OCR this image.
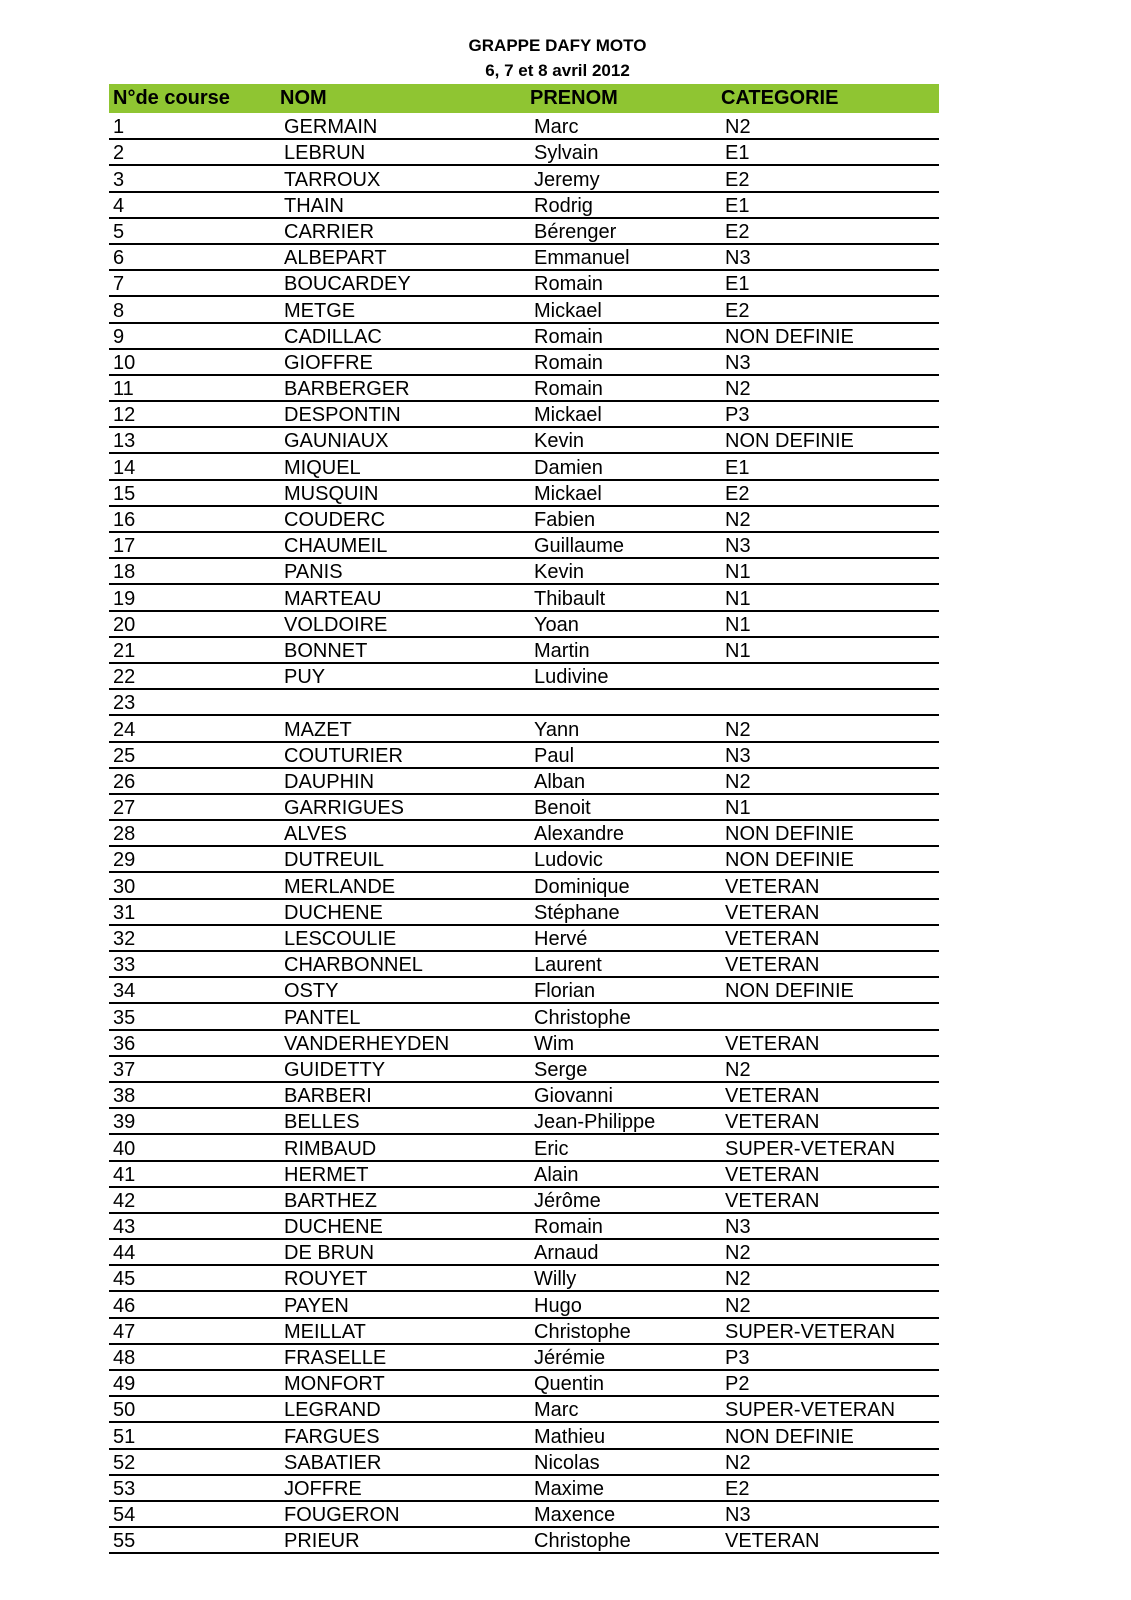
GRAPPE DAFY MOTO
6, 7 et 8 avril 2012
N°de course	NOM	PRENOM	CATEGORIE
1	GERMAIN	Marc	N2
2	LEBRUN	Sylvain	E1
3	TARROUX	Jeremy	E2
4	THAIN	Rodrig	E1
5	CARRIER	Bérenger	E2
6	ALBEPART	Emmanuel	N3
7	BOUCARDEY	Romain	E1
8	METGE	Mickael	E2
9	CADILLAC	Romain	NON DEFINIE
10	GIOFFRE	Romain	N3
11	BARBERGER	Romain	N2
12	DESPONTIN	Mickael	P3
13	GAUNIAUX	Kevin	NON DEFINIE
14	MIQUEL	Damien	E1
15	MUSQUIN	Mickael	E2
16	COUDERC	Fabien	N2
17	CHAUMEIL	Guillaume	N3
18	PANIS	Kevin	N1
19	MARTEAU	Thibault	N1
20	VOLDOIRE	Yoan	N1
21	BONNET	Martin	N1
22	PUY	Ludivine	
23			
24	MAZET	Yann	N2
25	COUTURIER	Paul	N3
26	DAUPHIN	Alban	N2
27	GARRIGUES	Benoit	N1
28	ALVES	Alexandre	NON DEFINIE
29	DUTREUIL	Ludovic	NON DEFINIE
30	MERLANDE	Dominique	VETERAN
31	DUCHENE	Stéphane	VETERAN
32	LESCOULIE	Hervé	VETERAN
33	CHARBONNEL	Laurent	VETERAN
34	OSTY	Florian	NON DEFINIE
35	PANTEL	Christophe	
36	VANDERHEYDEN	Wim	VETERAN
37	GUIDETTY	Serge	N2
38	BARBERI	Giovanni	VETERAN
39	BELLES	Jean-Philippe	VETERAN
40	RIMBAUD	Eric	SUPER-VETERAN
41	HERMET	Alain	VETERAN
42	BARTHEZ	Jérôme	VETERAN
43	DUCHENE	Romain	N3
44	DE BRUN	Arnaud	N2
45	ROUYET	Willy	N2
46	PAYEN	Hugo	N2
47	MEILLAT	Christophe	SUPER-VETERAN
48	FRASELLE	Jérémie	P3
49	MONFORT	Quentin	P2
50	LEGRAND	Marc	SUPER-VETERAN
51	FARGUES	Mathieu	NON DEFINIE
52	SABATIER	Nicolas	N2
53	JOFFRE	Maxime	E2
54	FOUGERON	Maxence	N3
55	PRIEUR	Christophe	VETERAN
